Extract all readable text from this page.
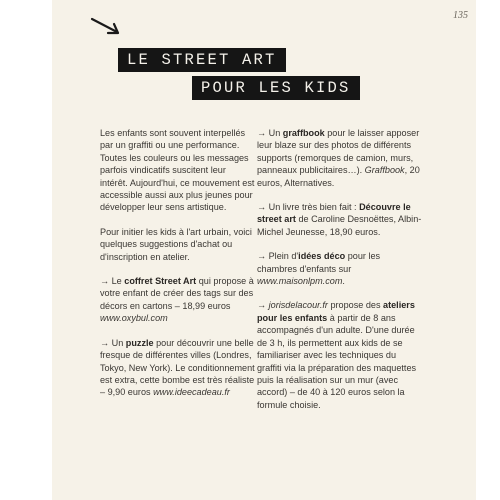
135
LE STREET ART
POUR LES KIDS

Les enfants sont souvent interpellés par un graffiti ou une performance. Toutes les couleurs ou les messages parfois vindicatifs suscitent leur intérêt. Aujourd'hui, ce mouvement est accessible aussi aux plus jeunes pour développer leur sens artistique.

Pour initier les kids à l'art urbain, voici quelques suggestions d'achat ou d'inscription en atelier.

→ Le coffret Street Art qui propose à votre enfant de créer des tags sur des décors en cartons – 18,99 euros www.oxybul.com

→ Un puzzle pour découvrir une belle fresque de différentes villes (Londres, Tokyo, New York). Le conditionnement est extra, cette bombe est très réaliste – 9,90 euros www.ideecadeau.fr

→ Un graffbook pour le laisser apposer leur blaze sur des photos de différents supports (remorques de camion, murs, panneaux publicitaires…). Graffbook, 20 euros, Alternatives.

→ Un livre très bien fait : Découvre le street art de Caroline Desnoëttes, Albin-Michel Jeunesse, 18,90 euros.

→ Plein d'idées déco pour les chambres d'enfants sur www.maisonlpm.com.

→ jorisdelacour.fr propose des ateliers pour les enfants à partir de 8 ans accompagnés d'un adulte. D'une durée de 3 h, ils permettent aux kids de se familiariser avec les techniques du graffiti via la préparation des maquettes puis la réalisation sur un mur (avec accord) – de 40 à 120 euros selon la formule choisie.
